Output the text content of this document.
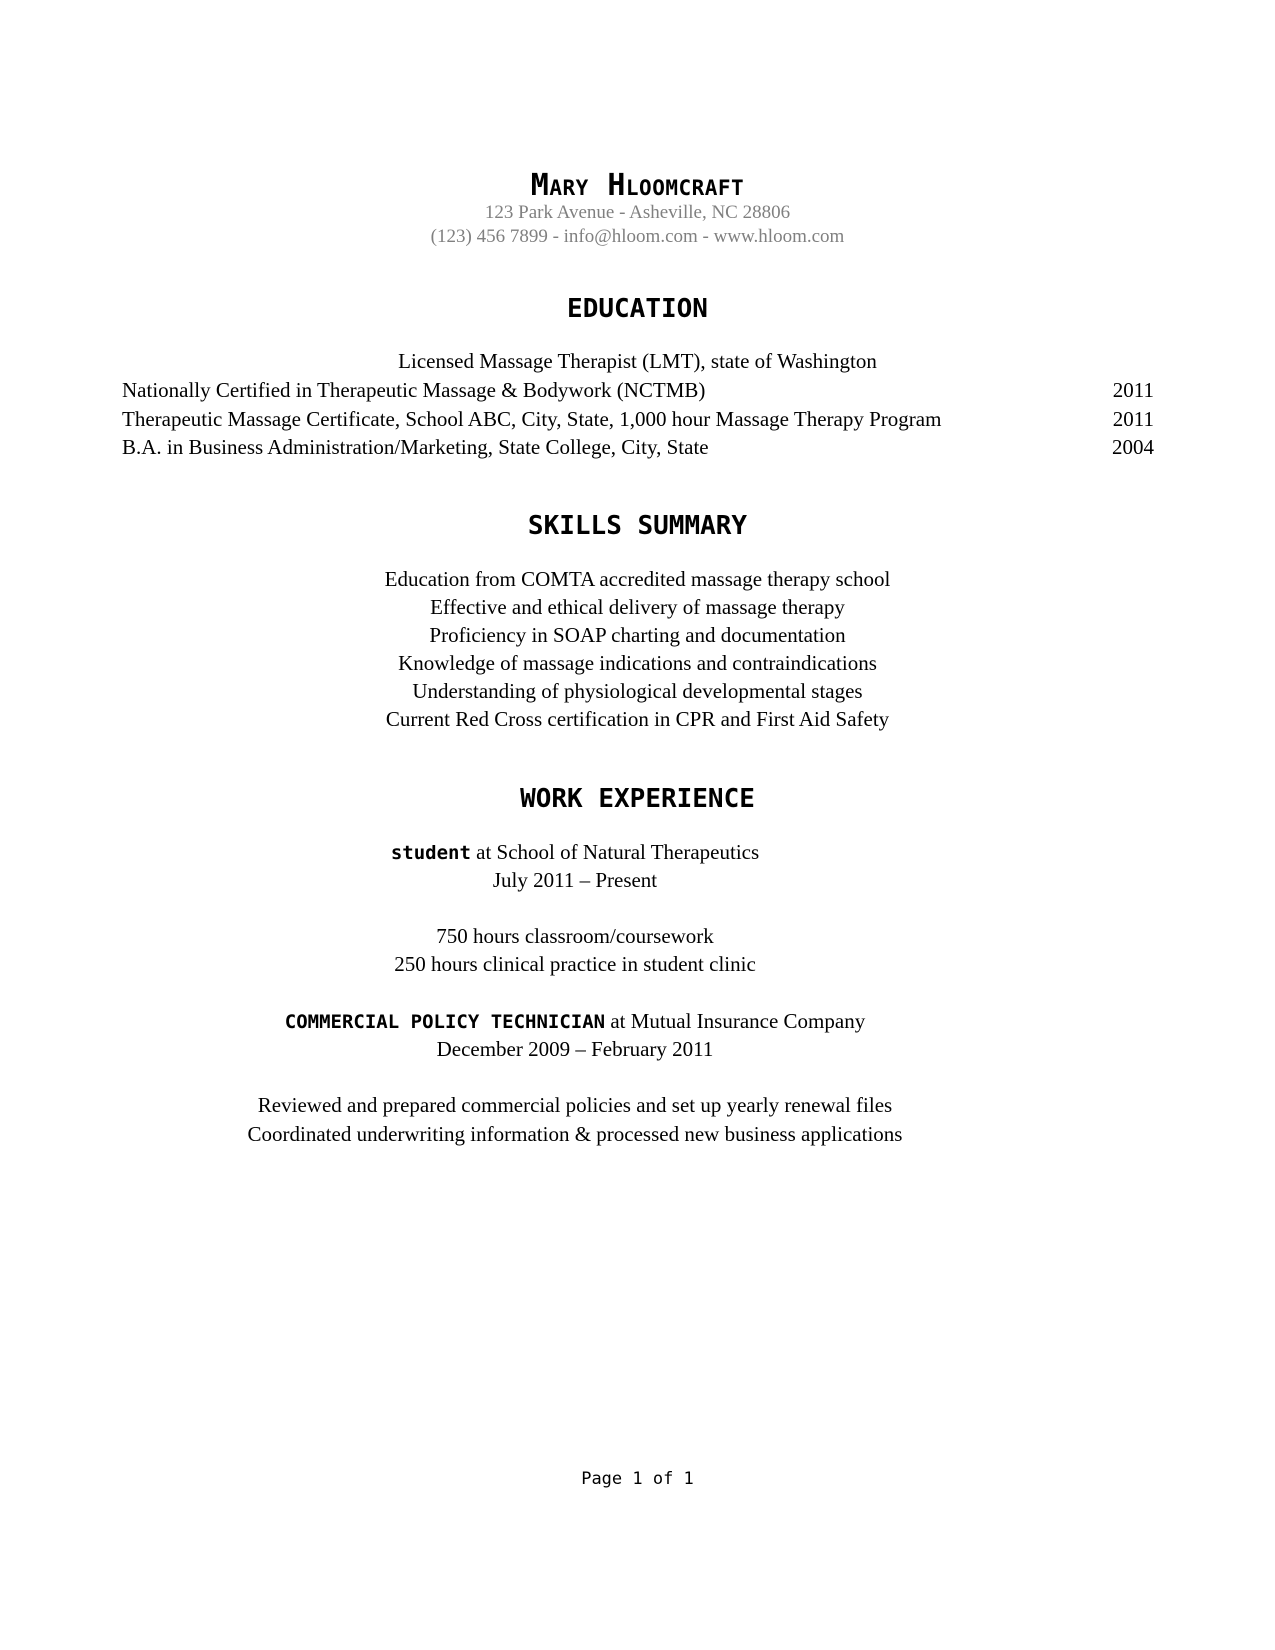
Mary Hloomcraft
123 Park Avenue - Asheville, NC 28806
(123) 456 7899 - info@hloom.com - www.hloom.com
EDUCATION
Licensed Massage Therapist (LMT), state of Washington
Nationally Certified in Therapeutic Massage & Bodywork (NCTMB)	2011
Therapeutic Massage Certificate, School ABC, City, State, 1,000 hour Massage Therapy Program	2011
B.A. in Business Administration/Marketing, State College, City, State	2004
SKILLS SUMMARY
Education from COMTA accredited massage therapy school
Effective and ethical delivery of massage therapy
Proficiency in SOAP charting and documentation
Knowledge of massage indications and contraindications
Understanding of physiological developmental stages
Current Red Cross certification in CPR and First Aid Safety
WORK EXPERIENCE
student at School of Natural Therapeutics
July 2011 – Present
750 hours classroom/coursework
250 hours clinical practice in student clinic
COMMERCIAL POLICY TECHNICIAN at Mutual Insurance Company
December 2009 – February 2011
Reviewed and prepared commercial policies and set up yearly renewal files
Coordinated underwriting information & processed new business applications
Page 1 of 1
